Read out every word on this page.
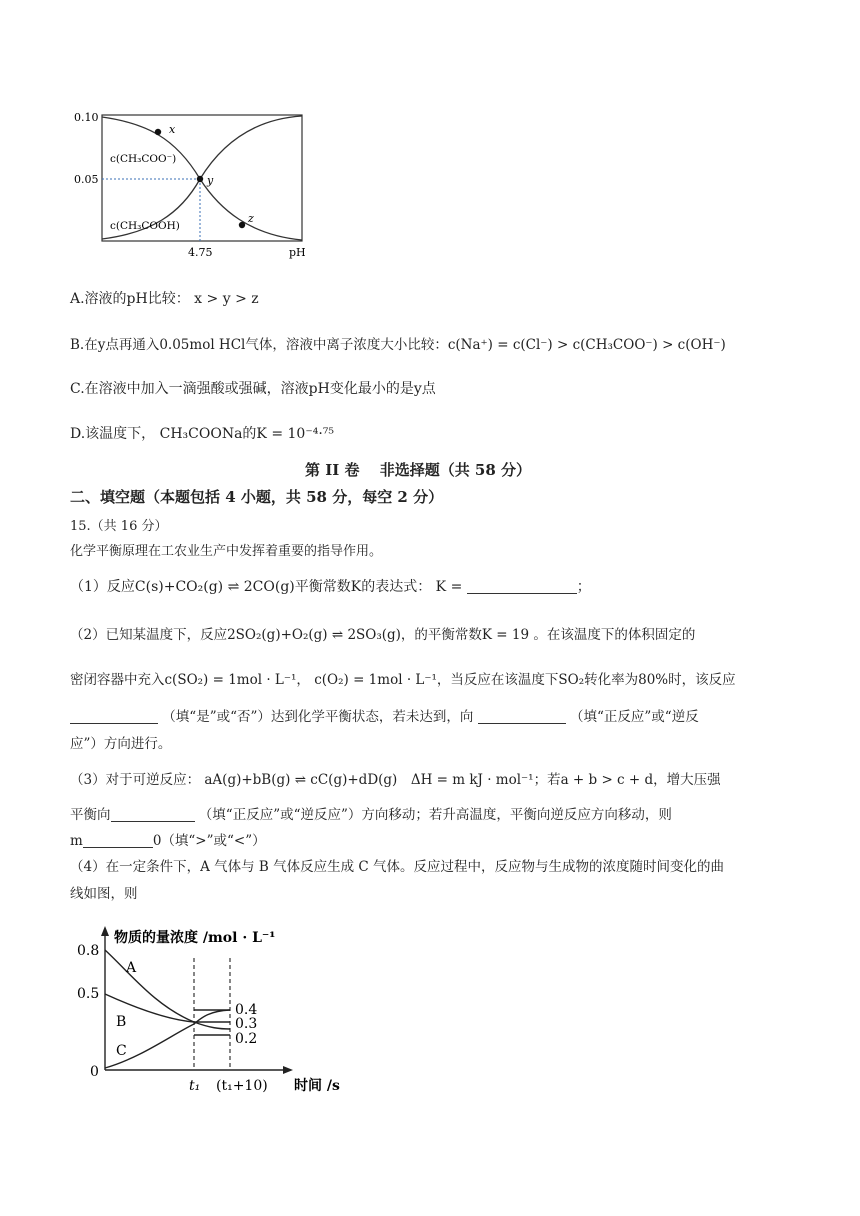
x
y
z
0.10
0.05
4.75	pH
c(CH₃COO⁻)
c(CH₃COOH)
A.溶液的pH比较： x > y > z
B.在y点再通入0.05mol HCl气体，溶液中离子浓度大小比较：c(Na⁺) = c(Cl⁻) > c(CH₃COO⁻) > c(OH⁻)
C.在溶液中加入一滴强酸或强碱，溶液pH变化最小的是y点
D.该温度下， CH₃COONa的K = 10⁻⁴·⁷⁵
第 II 卷　 非选择题（共 58 分）
二、填空题（本题包括 4 小题，共 58 分，每空 2 分）
15.（共 16 分）
化学平衡原理在工农业生产中发挥着重要的指导作用。
（1）反应C(s)+CO₂(g) ⇌ 2CO(g)平衡常数K的表达式： K =	；
（2）已知某温度下，反应2SO₂(g)+O₂(g) ⇌ 2SO₃(g)，的平衡常数K = 19 。在该温度下的体积固定的
密闭容器中充入c(SO₂) = 1mol · L⁻¹， c(O₂) = 1mol · L⁻¹，当反应在该温度下SO₂转化率为80%时，该反应
（填“是”或“否”）达到化学平衡状态，若未达到，向	（填“正反应”或“逆反
应”）方向进行。
（3）对于可逆反应： aA(g)+bB(g) ⇌ cC(g)+dD(g)　ΔH = m kJ · mol⁻¹；若a + b > c + d，增大压强
平衡向	（填“正反应”或“逆反应”）方向移动；若升高温度，平衡向逆反应方向移动，则
m	0（填“>”或“<”）
（4）在一定条件下，A 气体与 B 气体反应生成 C 气体。反应过程中，反应物与生成物的浓度随时间变化的曲
线如图，则
物质的量浓度 /mol · L⁻¹
0.8
0.5
0
A
B
C
0.4
0.3
0.2
t₁ (t₁+10) 时间 /s
